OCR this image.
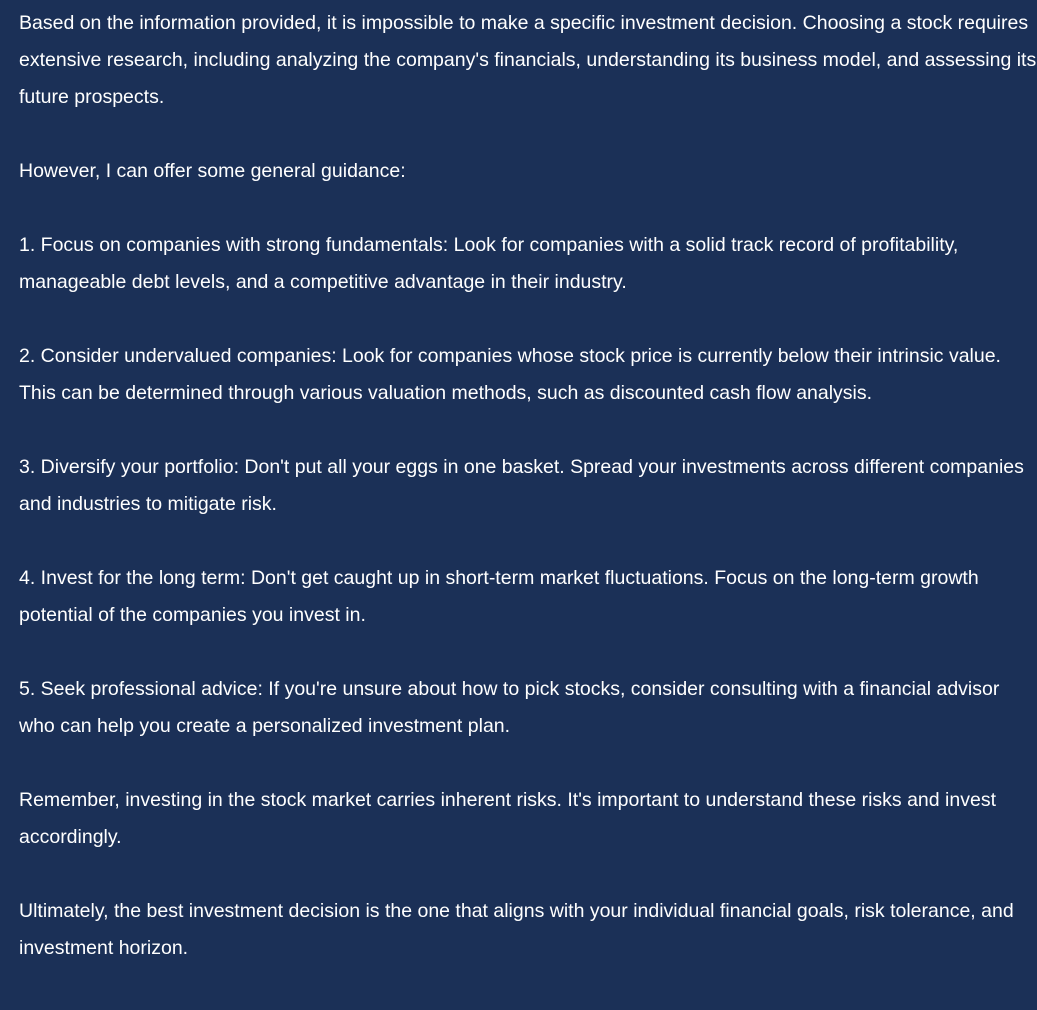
Based on the information provided, it is impossible to make a specific investment decision. Choosing a stock requires extensive research, including analyzing the company's financials, understanding its business model, and assessing its future prospects.

However, I can offer some general guidance:

1. Focus on companies with strong fundamentals: Look for companies with a solid track record of profitability, manageable debt levels, and a competitive advantage in their industry.

2. Consider undervalued companies: Look for companies whose stock price is currently below their intrinsic value. This can be determined through various valuation methods, such as discounted cash flow analysis.

3. Diversify your portfolio: Don't put all your eggs in one basket. Spread your investments across different companies and industries to mitigate risk.

4. Invest for the long term: Don't get caught up in short-term market fluctuations. Focus on the long-term growth potential of the companies you invest in.

5. Seek professional advice: If you're unsure about how to pick stocks, consider consulting with a financial advisor who can help you create a personalized investment plan.

Remember, investing in the stock market carries inherent risks. It's important to understand these risks and invest accordingly.

Ultimately, the best investment decision is the one that aligns with your individual financial goals, risk tolerance, and investment horizon.
